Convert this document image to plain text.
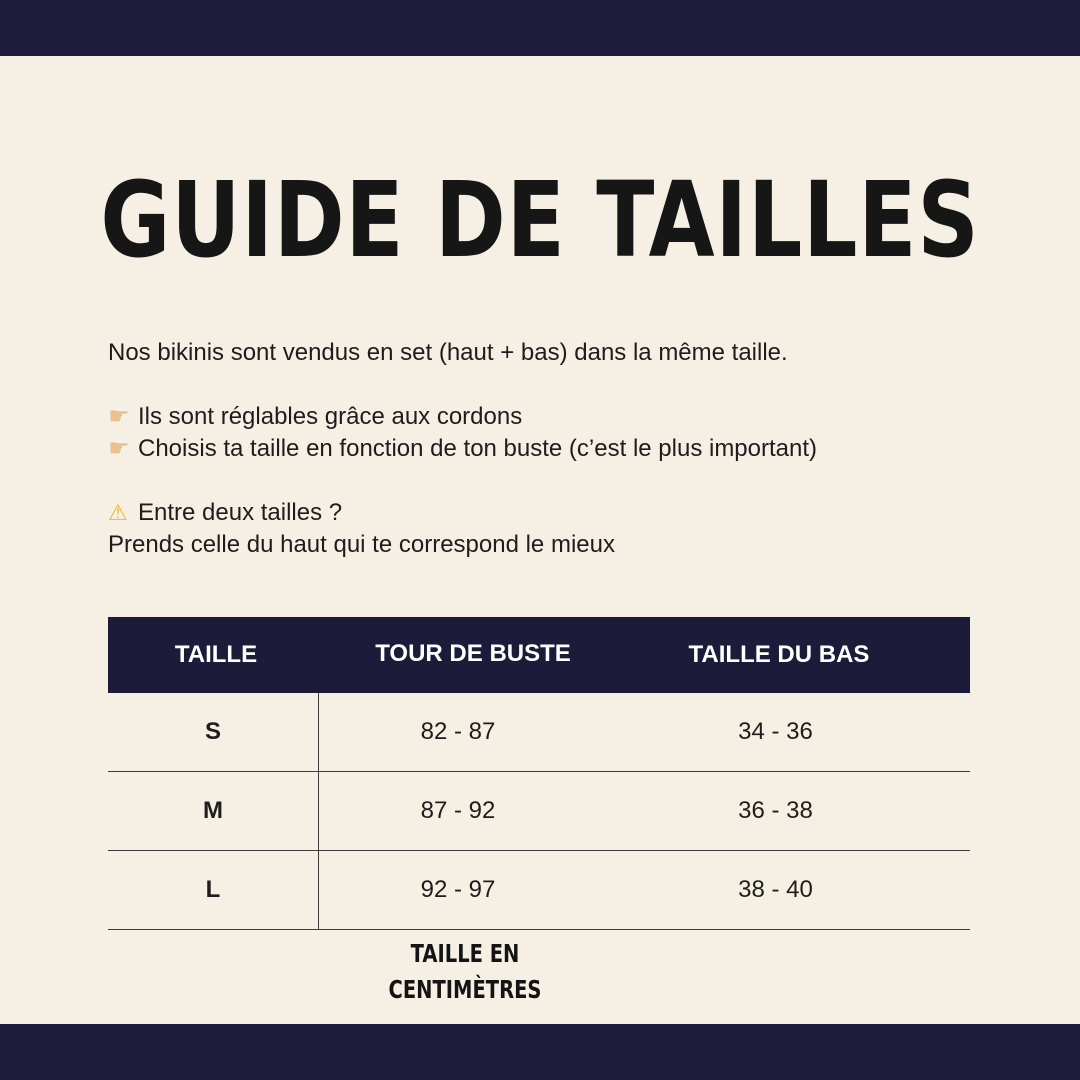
GUIDE DE TAILLES
Nos bikinis sont vendus en set (haut + bas) dans la même taille.
☛ Ils sont réglables grâce aux cordons
☛ Choisis ta taille en fonction de ton buste (c’est le plus important)
⚠ Entre deux tailles ?
Prends celle du haut qui te correspond le mieux
TAILLE	TOUR DE BUSTE	TAILLE DU BAS
S	82 - 87	34 - 36
M	87 - 92	36 - 38
L	92 - 97	38 - 40
TAILLE EN CENTIMÈTRES
